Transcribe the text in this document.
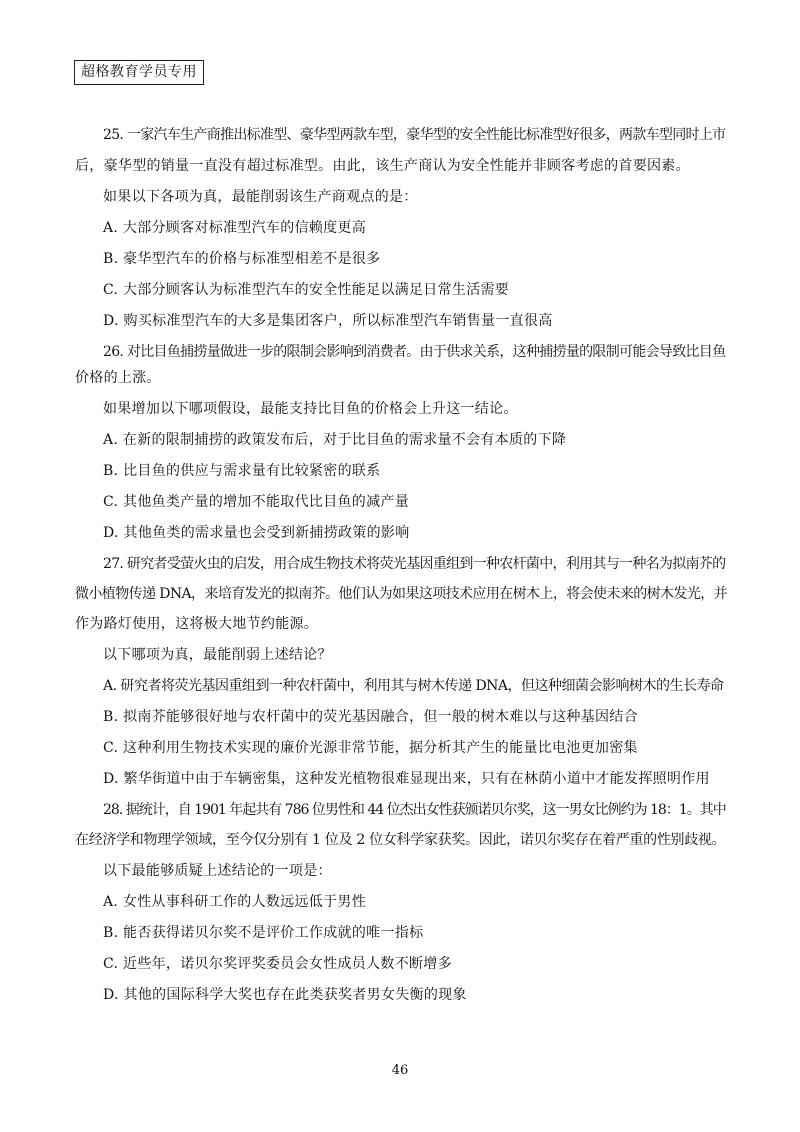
超格教育学员专用
25. 一家汽车生产商推出标准型、豪华型两款车型，豪华型的安全性能比标准型好很多，两款车型同时上市
后，豪华型的销量一直没有超过标准型。由此，该生产商认为安全性能并非顾客考虑的首要因素。
如果以下各项为真，最能削弱该生产商观点的是：
A. 大部分顾客对标准型汽车的信赖度更高
B. 豪华型汽车的价格与标准型相差不是很多
C. 大部分顾客认为标准型汽车的安全性能足以满足日常生活需要
D. 购买标准型汽车的大多是集团客户，所以标准型汽车销售量一直很高
26. 对比目鱼捕捞量做进一步的限制会影响到消费者。由于供求关系，这种捕捞量的限制可能会导致比目鱼
价格的上涨。
如果增加以下哪项假设，最能支持比目鱼的价格会上升这一结论。
A. 在新的限制捕捞的政策发布后，对于比目鱼的需求量不会有本质的下降
B. 比目鱼的供应与需求量有比较紧密的联系
C. 其他鱼类产量的增加不能取代比目鱼的减产量
D. 其他鱼类的需求量也会受到新捕捞政策的影响
27. 研究者受萤火虫的启发，用合成生物技术将荧光基因重组到一种农杆菌中，利用其与一种名为拟南芥的
微小植物传递 DNA，来培育发光的拟南芥。他们认为如果这项技术应用在树木上，将会使未来的树木发光，并
作为路灯使用，这将极大地节约能源。
以下哪项为真，最能削弱上述结论？
A. 研究者将荧光基因重组到一种农杆菌中，利用其与树木传递 DNA，但这种细菌会影响树木的生长寿命
B. 拟南芥能够很好地与农杆菌中的荧光基因融合，但一般的树木难以与这种基因结合
C. 这种利用生物技术实现的廉价光源非常节能，据分析其产生的能量比电池更加密集
D. 繁华街道中由于车辆密集，这种发光植物很难显现出来，只有在林荫小道中才能发挥照明作用
28. 据统计，自 1901 年起共有 786 位男性和 44 位杰出女性获颁诺贝尔奖，这一男女比例约为 18：1。其中
在经济学和物理学领域，至今仅分别有 1 位及 2 位女科学家获奖。因此，诺贝尔奖存在着严重的性别歧视。
以下最能够质疑上述结论的一项是：
A. 女性从事科研工作的人数远远低于男性
B. 能否获得诺贝尔奖不是评价工作成就的唯一指标
C. 近些年，诺贝尔奖评奖委员会女性成员人数不断增多
D. 其他的国际科学大奖也存在此类获奖者男女失衡的现象
46
